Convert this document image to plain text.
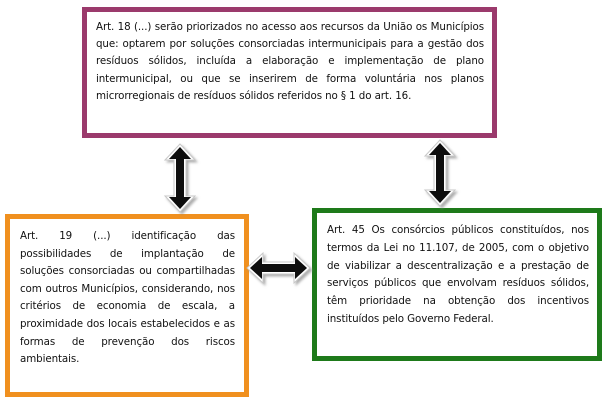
Art. 18 (...) serão priorizados no acesso aos recursos da União os Municípios que: optarem por soluções consorciadas intermunicipais para a gestão dos resíduos sólidos, incluída a elaboração e implementação de plano intermunicipal, ou que se inserirem de forma voluntária nos planos microrregionais de resíduos sólidos referidos no § 1 do art. 16.
Art. 19 (...) identificação das possibilidades de implantação de soluções consorciadas ou compartilhadas com outros Municípios, considerando, nos critérios de economia de escala, a proximidade dos locais estabelecidos e as formas de prevenção dos riscos ambientais.
Art. 45 Os consórcios públicos constituídos, nos termos da Lei no 11.107, de 2005, com o objetivo de viabilizar a descentralização e a prestação de serviços públicos que envolvam resíduos sólidos, têm prioridade na obtenção dos incentivos instituídos pelo Governo Federal.
